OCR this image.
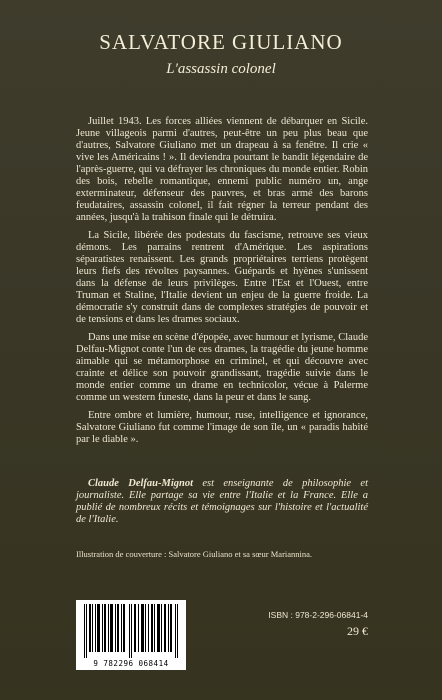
SALVATORE GIULIANO
L'assassin colonel

Juillet 1943. Les forces alliées viennent de débarquer en Sicile. Jeune villageois parmi d'autres, peut-être un peu plus beau que d'autres, Salvatore Giuliano met un drapeau à sa fenêtre. Il crie « vive les Américains ! ». Il deviendra pourtant le bandit légendaire de l'après-guerre, qui va défrayer les chroniques du monde entier. Robin des bois, rebelle romantique, ennemi public numéro un, ange exterminateur, défenseur des pauvres, et bras armé des barons feudataires, assassin colonel, il fait régner la terreur pendant des années, jusqu'à la trahison finale qui le détruira.

La Sicile, libérée des podestats du fascisme, retrouve ses vieux démons. Les parrains rentrent d'Amérique. Les aspirations séparatistes renaissent. Les grands propriétaires terriens protègent leurs fiefs des révoltes paysannes. Guépards et hyènes s'unissent dans la défense de leurs privilèges. Entre l'Est et l'Ouest, entre Truman et Staline, l'Italie devient un enjeu de la guerre froide. La démocratie s'y construit dans de complexes stratégies de pouvoir et de tensions et dans les drames sociaux.

Dans une mise en scène d'épopée, avec humour et lyrisme, Claude Delfau-Mignot conte l'un de ces drames, la tragédie du jeune homme aimable qui se métamorphose en criminel, et qui découvre avec crainte et délice son pouvoir grandissant, tragédie suivie dans le monde entier comme un drame en technicolor, vécue à Palerme comme un western funeste, dans la peur et dans le sang.

Entre ombre et lumière, humour, ruse, intelligence et ignorance, Salvatore Giuliano fut comme l'image de son île, un « paradis habité par le diable ».

Claude Delfau-Mignot est enseignante de philosophie et journaliste. Elle partage sa vie entre l'Italie et la France. Elle a publié de nombreux récits et témoignages sur l'histoire et l'actualité de l'Italie.
Illustration de couverture : Salvatore Giuliano et sa sœur Mariannina.
9 782296 068414
ISBN : 978-2-296-06841-4
29 €
